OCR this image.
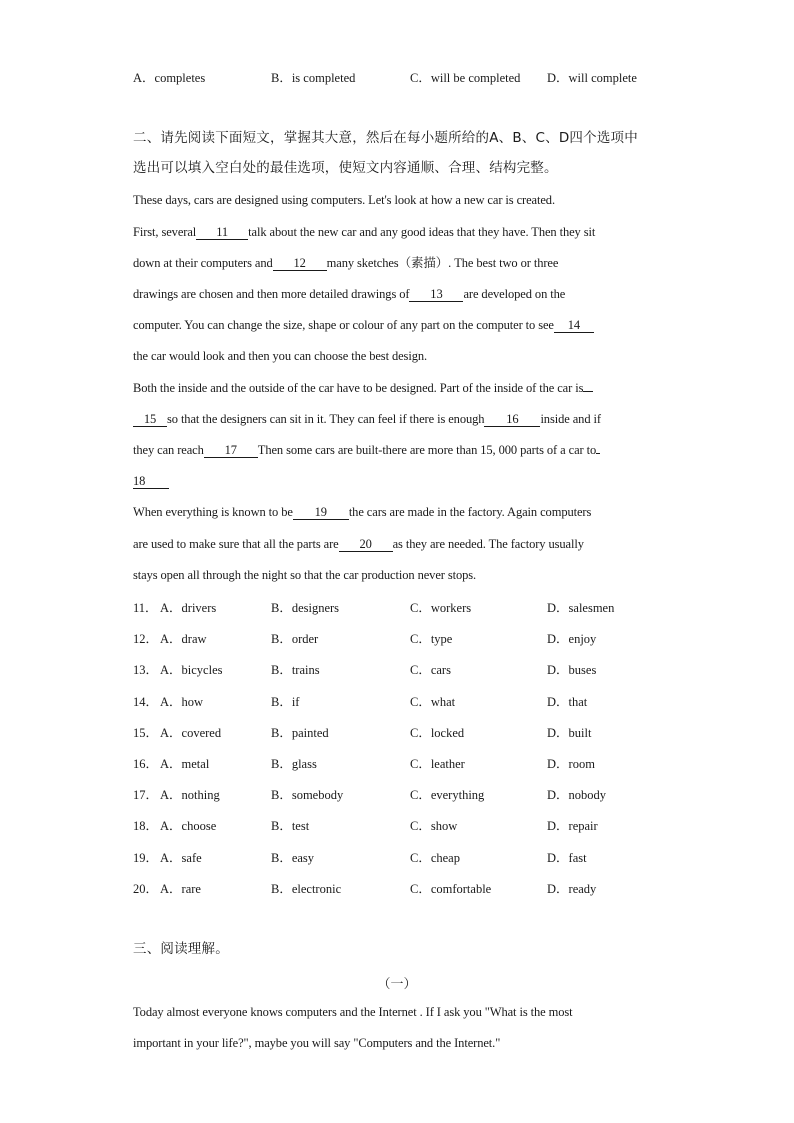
A．completes	B．is completed	C．will be completed D．will complete
二、请先阅读下面短文，掌握其大意，然后在每小题所给的A、B、C、D四个选项中
选出可以填入空白处的最佳选项，使短文内容通顺、合理、结构完整。
These days, cars are designed using computers. Let's look at how a new car is created.
First, several 11 talk about the new car and any good ideas that they have. Then they sit
down at their computers and 12 many sketches（素描）. The best two or three
drawings are chosen and then more detailed drawings of 13 are developed on the
computer. You can change the size, shape or colour of any part on the computer to see 14
the car would look and then you can choose the best design.
Both the inside and the outside of the car have to be designed. Part of the inside of the car is
15 so that the designers can sit in it. They can feel if there is enough 16 inside and if
they can reach 17 Then some cars are built-there are more than 15, 000 parts of a car to
18
When everything is known to be 19 the cars are made in the factory. Again computers
are used to make sure that all the parts are 20 as they are needed. The factory usually
stays open all through the night so that the car production never stops.
11． A．drivers	B．designers	C．workers	D．salesmen
12． A．draw	B．order	C．type	D．enjoy
13． A．bicycles	B．trains	C．cars	D．buses
14． A．how	B．if	C．what	D．that
15． A．covered	B．painted	C．locked	D．built
16． A．metal	B．glass	C．leather	D．room
17． A．nothing	B．somebody	C．everything	D．nobody
18． A．choose	B．test	C．show	D．repair
19． A．safe	B．easy	C．cheap	D．fast
20． A．rare	B．electronic	C．comfortable	D．ready
三、阅读理解。
（一）
Today almost everyone knows computers and the Internet . If I ask you "What is the most
important in your life?", maybe you will say "Computers and the Internet."
